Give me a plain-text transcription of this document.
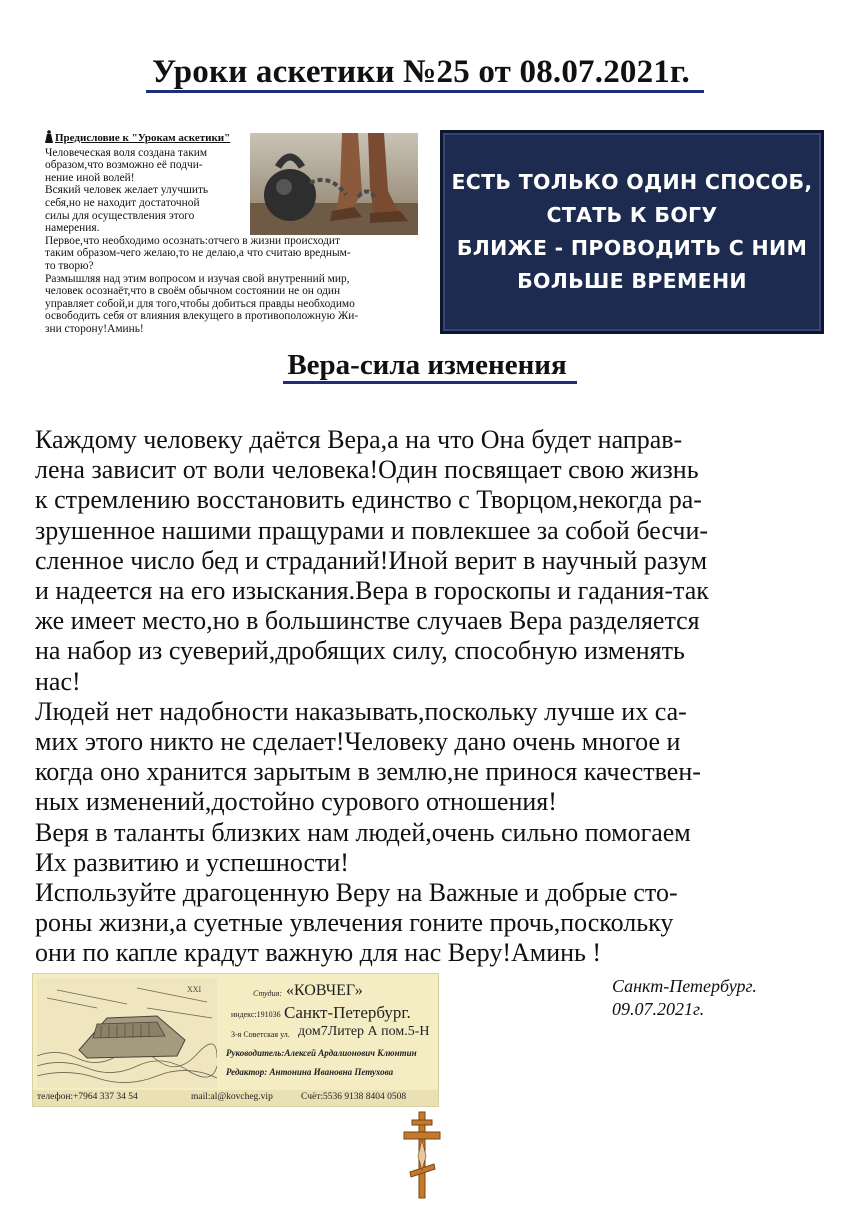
Уроки аскетики №25 от 08.07.2021г.
Предисловие к "Урокам аскетики"
Человеческая воля создана таким
образом,что возможно её подчи-
нение иной волей!
Всякий человек желает улучшить
себя,но не находит достаточной
силы для осуществления этого
намерения.
Первое,что необходимо осознать:отчего в жизни происходит
таким образом-чего желаю,то не делаю,а что считаю вредным-
то творю?
Размышляя над этим вопросом и изучая свой внутренний мир,
человек осознаёт,что в своём обычном состоянии не он один
управляет собой,и для того,чтобы добиться правды необходимо
освободить себя от влияния влекущего в противоположную Жи-
зни сторону!Аминь!
ЕСТЬ ТОЛЬКО ОДИН СПОСОБ,
СТАТЬ К БОГУ
БЛИЖЕ - ПРОВОДИТЬ С НИМ
БОЛЬШЕ ВРЕМЕНИ
Вера-сила изменения
Каждому человеку даётся Вера,а на что Она будет направ-
лена зависит от воли человека!Один посвящает свою жизнь
к стремлению восстановить единство с Творцом,некогда ра-
зрушенное нашими пращурами и повлекшее за собой бесчи-
сленное число бед и страданий!Иной верит в научный разум
и надеется на его изыскания.Вера в гороскопы и гадания-так
же имеет место,но в большинстве случаев Вера разделяется
на набор из суеверий,дробящих силу, способную изменять
нас!
Людей нет надобности наказывать,поскольку лучше их са-
мих этого никто не сделает!Человеку дано очень многое и
когда оно хранится зарытым в землю,не принося качествен-
ных изменений,достойно сурового отношения!
Веря в таланты близких нам людей,очень сильно помогаем
Их развитию и успешности!
Используйте драгоценную Веру на Важные и добрые сто-
роны жизни,а суетные увлечения гоните прочь,поскольку
они по капле крадут важную для нас Веру!Аминь !
XXI	Студия: «КОВЧЕГ»
индекс:191036 Санкт-Петербург.
3-я Советская ул. дом7Литер А пом.5-Н
Руководитель:Алексей Ардалионович Клюнтин
Редактор: Антонина Ивановна Петухова
телефон:+7964 337 34 54	mail:al@kovcheg.vip	Счёт:5536 9138 8404 0508
Санкт-Петербург.
09.07.2021г.
